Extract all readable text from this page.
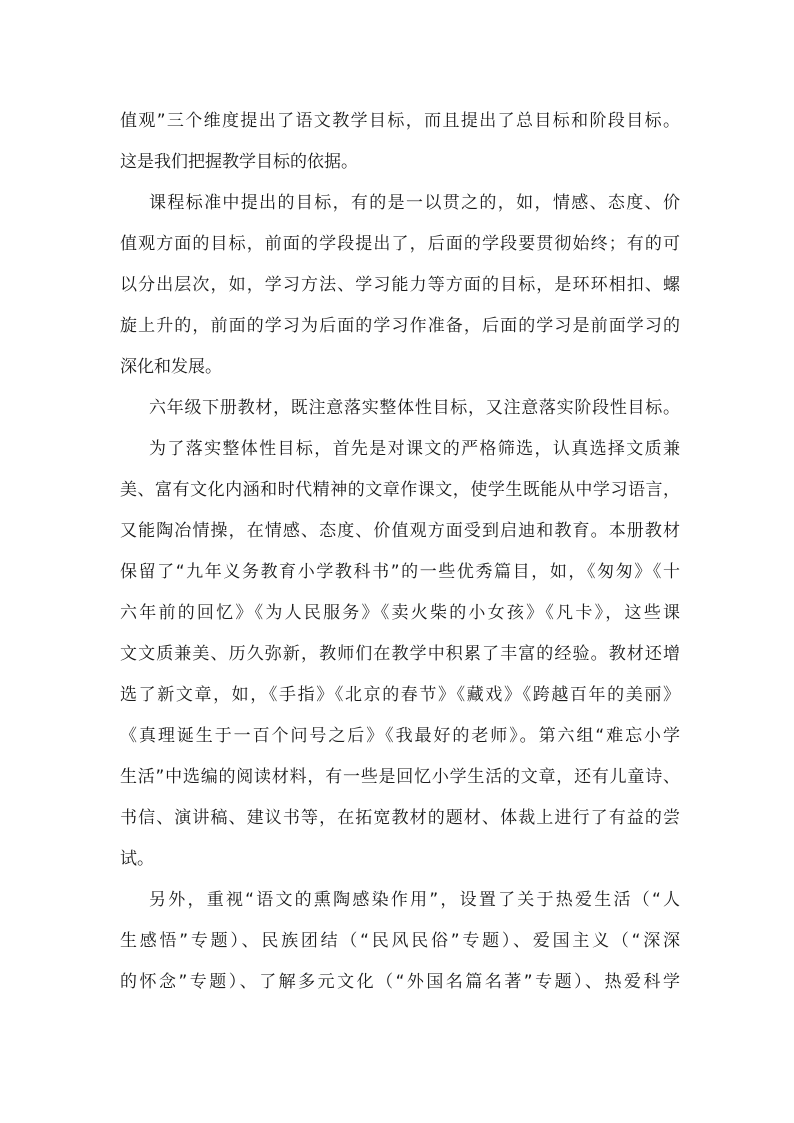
值观”三个维度提出了语文教学目标，而且提出了总目标和阶段目标。
这是我们把握教学目标的依据。
课程标准中提出的目标，有的是一以贯之的，如，情感、态度、价
值观方面的目标，前面的学段提出了，后面的学段要贯彻始终；有的可
以分出层次，如，学习方法、学习能力等方面的目标，是环环相扣、螺
旋上升的，前面的学习为后面的学习作准备，后面的学习是前面学习的
深化和发展。
六年级下册教材，既注意落实整体性目标，又注意落实阶段性目标。
为了落实整体性目标，首先是对课文的严格筛选，认真选择文质兼
美、富有文化内涵和时代精神的文章作课文，使学生既能从中学习语言，
又能陶冶情操，在情感、态度、价值观方面受到启迪和教育。本册教材
保留了“九年义务教育小学教科书”的一些优秀篇目，如，《匆匆》《十
六年前的回忆》《为人民服务》《卖火柴的小女孩》《凡卡》，这些课
文文质兼美、历久弥新，教师们在教学中积累了丰富的经验。教材还增
选了新文章，如，《手指》《北京的春节》《藏戏》《跨越百年的美丽》
《真理诞生于一百个问号之后》《我最好的老师》。第六组“难忘小学
生活”中选编的阅读材料，有一些是回忆小学生活的文章，还有儿童诗、
书信、演讲稿、建议书等，在拓宽教材的题材、体裁上进行了有益的尝
试。
另外，重视“语文的熏陶感染作用”，设置了关于热爱生活（“人
生感悟”专题）、民族团结（“民风民俗”专题）、爱国主义（“深深
的怀念”专题）、了解多元文化（“外国名篇名著”专题）、热爱科学
